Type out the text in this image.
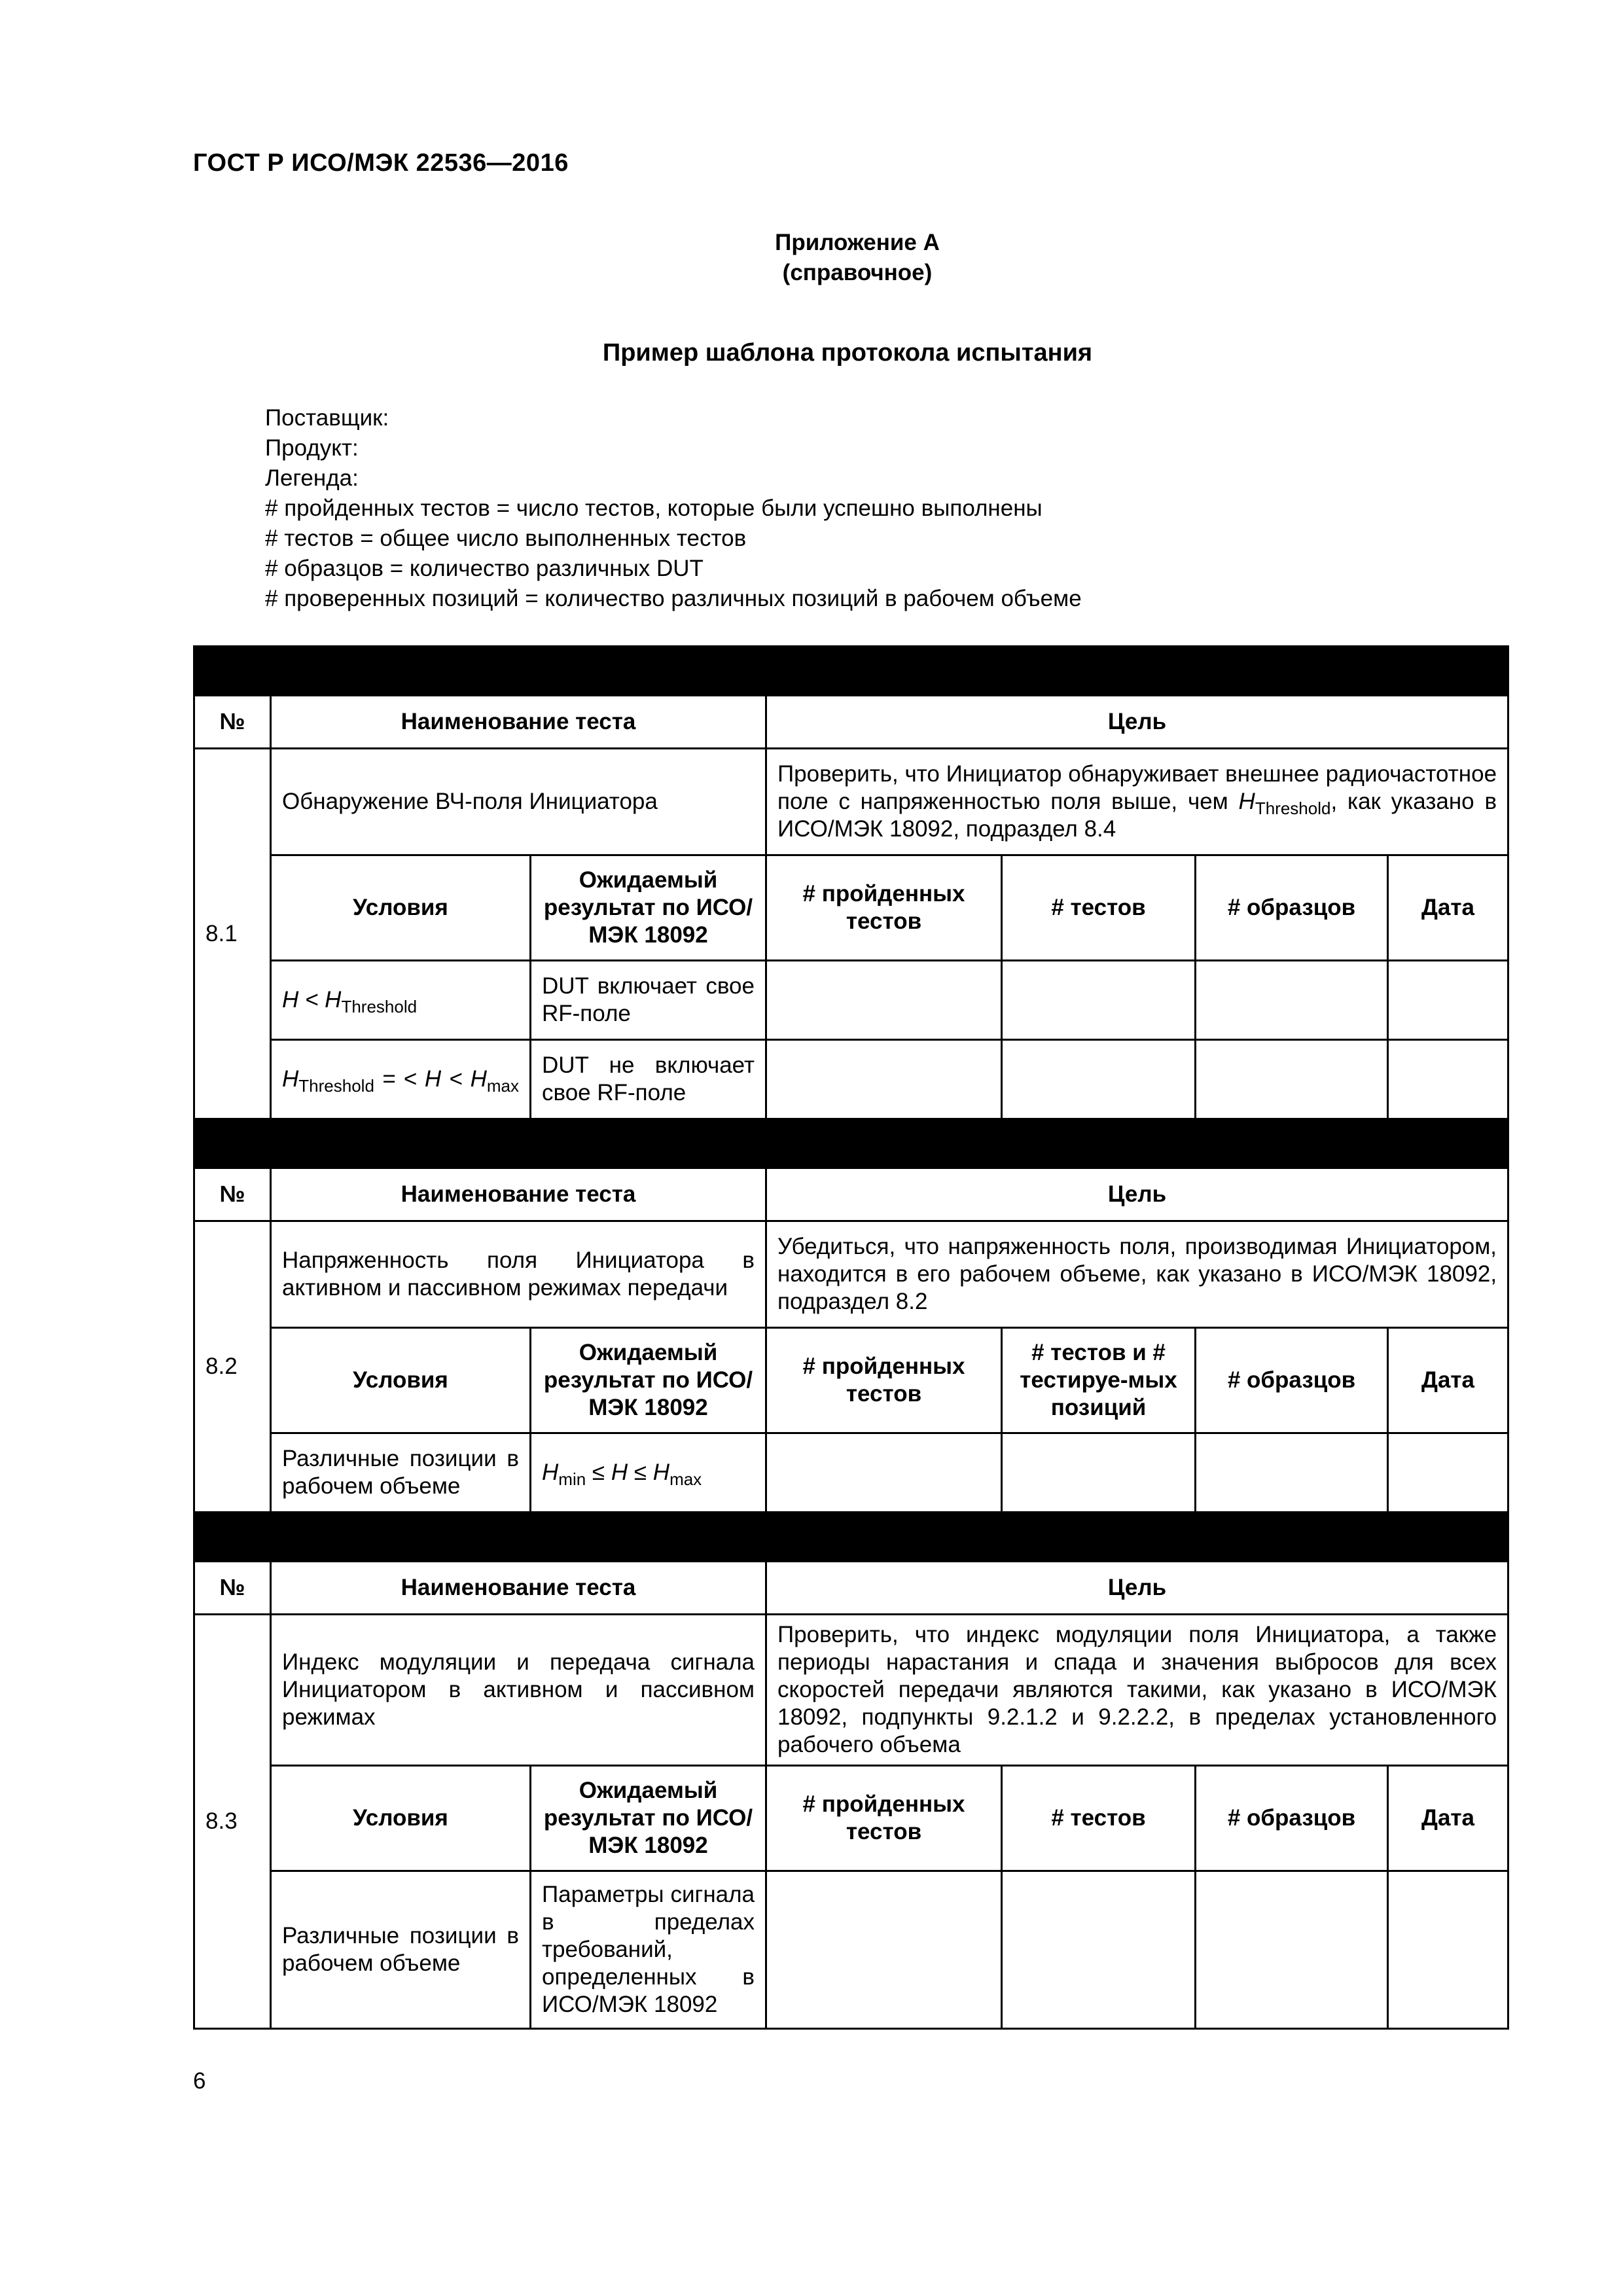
ГОСТ Р ИСО/МЭК 22536—2016
Приложение А
(справочное)
Пример шаблона протокола испытания
Поставщик:
Продукт:
Легенда:
# пройденных тестов = число тестов, которые были успешно выполнены
# тестов = общее число выполненных тестов
# образцов = количество различных DUT
# проверенных позиций = количество различных позиций в рабочем объеме

№	Наименование теста		Цель			
8.1	Обнаружение ВЧ-поля Инициатора		Проверить, что Инициатор обнаруживает внешнее радиочастотное поле с напряженностью поля выше, чем $H_{Threshold}$, как указано в ИСО/МЭК 18092, подраздел 8.4			
	Условия	Ожидаемый результат по ИСО/МЭК 18092	# пройденных тестов	# тестов	# образцов	Дата
	$H < H_{Threshold}$	DUT включает свое RF-поле				
	$H_{Threshold}$ = < $H < H_{max}$	DUT не включает свое RF-поле				

№	Наименование теста		Цель			
8.2	Напряженность поля Инициатора в активном и пассивном режимах передачи		Убедиться, что напряженность поля, производимая Инициатором, находится в его рабочем объеме, как указано в ИСО/МЭК 18092, подраздел 8.2			
	Условия	Ожидаемый результат по ИСО/МЭК 18092	# пройденных тестов	# тестов и # тестируе-мых позиций	# образцов	Дата
	Различные позиции в рабочем объеме	$H_{min} \le H \le H_{max}$				

№	Наименование теста		Цель			
8.3	Индекс модуляции и передача сигнала Инициатором в активном и пассивном режимах		Проверить, что индекс модуляции поля Инициатора, а также периоды нарастания и спада и значения выбросов для всех скоростей передачи являются такими, как указано в ИСО/МЭК 18092, подпункты 9.2.1.2 и 9.2.2.2, в пределах установленного рабочего объема			
	Условия	Ожидаемый результат по ИСО/МЭК 18092	# пройденных тестов	# тестов	# образцов	Дата
	Различные позиции в рабочем объеме	Параметры сигнала в пределах требований, определенных в ИСО/МЭК 18092				
6
